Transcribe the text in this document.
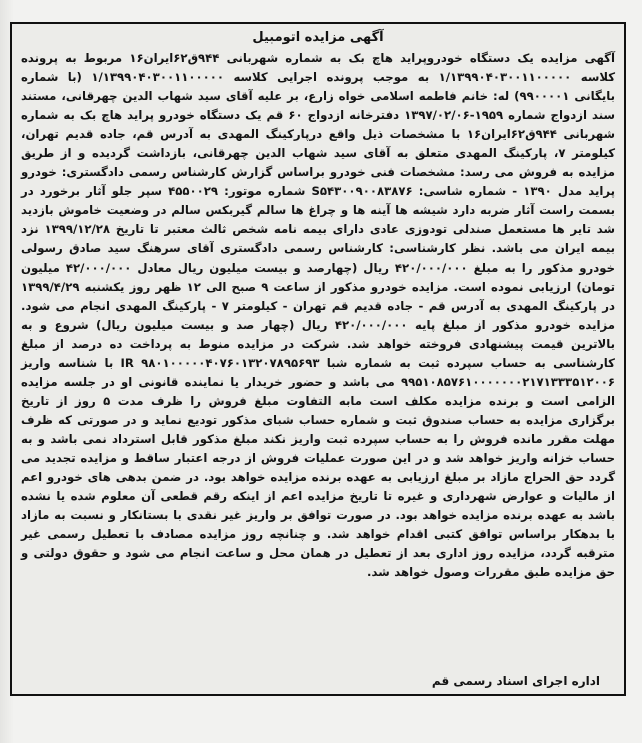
آگهی مزایده اتومبیل

آگهی مزایده یک دستگاه خودروپراید هاچ بک به شماره شهربانی ۹۴۴ق۶۲ایران۱۶ مربوط به پرونده کلاسه ۱/۱۳۹۹۰۴۰۳۰۰۱۱۰۰۰۰۰ به موجب پرونده اجرایی کلاسه ۱/۱۳۹۹۰۴۰۳۰۰۱۱۰۰۰۰۰ (با شماره بایگانی ۹۹۰۰۰۰۱) له: خانم فاطمه اسلامی خواه زارع، بر علیه آقای سید شهاب الدین چهرقانی، مستند سند ازدواج شماره ۱۹۵۹-۱۳۹۷/۰۲/۰۶ دفترخانه ازدواج ۶۰ قم یک دستگاه خودرو پراید هاچ بک به شماره شهربانی ۹۴۴ق۶۲ایران۱۶ با مشخصات ذیل واقع درپارکینگ المهدی به آدرس قم، جاده قدیم تهران، کیلومتر ۷، پارکینگ المهدی متعلق به آقای سید شهاب الدین چهرقانی، بازداشت گردیده و از طریق مزایده به فروش می رسد: مشخصات فنی خودرو براساس گزارش کارشناس رسمی دادگستری: خودرو پراید مدل ۱۳۹۰ - شماره شاسی: S۵۴۳۰۰۹۰۰۸۳۸۷۶ شماره موتور: ۴۵۵۰۰۲۹ سپر جلو آثار برخورد در بسمت راست آثار ضربه دارد شیشه ها آینه ها و چراغ ها سالم گیربکس سالم در وضعیت خاموش بازدید شد تایر ها مستعمل صندلی تودوزی عادی دارای بیمه نامه شخص ثالث معتبر تا تاریخ ۱۳۹۹/۱۲/۲۸ نزد بیمه ایران می باشد. نظر کارشناسی: کارشناس رسمی دادگستری آقای سرهنگ سید صادق رسولی خودرو مذکور را به مبلغ ۴۲۰/۰۰۰/۰۰۰ ریال (چهارصد و بیست میلیون ریال معادل ۴۲/۰۰۰/۰۰۰ میلیون تومان) ارزیابی نموده است. مزایده خودرو مذکور از ساعت ۹ صبح الی ۱۲ ظهر روز یکشنبه ۱۳۹۹/۴/۲۹ در پارکینگ المهدی به آدرس قم - جاده قدیم قم تهران - کیلومتر ۷ - پارکینگ المهدی انجام می شود. مزایده خودرو مذکور از مبلغ پایه ۴۲۰/۰۰۰/۰۰۰ ریال (چهار صد و بیست میلیون ریال) شروع و به بالاترین قیمت پیشنهادی فروخته خواهد شد. شرکت در مزایده منوط به پرداخت ده درصد از مبلغ کارشناسی به حساب سپرده ثبت به شماره شبا IR ۹۸۰۱۰۰۰۰۰۴۰۷۶۰۱۳۲۰۷۸۹۵۶۹۳ با شناسه واریز ۹۹۵۱۰۸۵۷۶۱۰۰۰۰۰۰۰۲۱۷۱۳۳۳۵۱۲۰۰۶ می باشد و حضور خریدار یا نماینده قانونی او در جلسه مزایده الزامی است و برنده مزایده مکلف است مابه التفاوت مبلغ فروش را ظرف مدت ۵ روز از تاریخ برگزاری مزایده به حساب صندوق ثبت و شماره حساب شبای مذکور تودیع نماید و در صورتی که ظرف مهلت مقرر مانده فروش را به حساب سپرده ثبت واریز نکند مبلغ مذکور قابل استرداد نمی باشد و به حساب خزانه واریز خواهد شد و در این صورت عملیات فروش از درجه اعتبار ساقط و مزایده تجدید می گردد حق الحراج مازاد بر مبلغ ارزیابی به عهده برنده مزایده خواهد بود. در ضمن بدهی های خودرو اعم از مالیات و عوارض شهرداری و غیره تا تاریخ مزایده اعم از اینکه رقم قطعی آن معلوم شده یا نشده باشد به عهده برنده مزایده خواهد بود. در صورت توافق بر واریز غیر نقدی با بستانکار و نسبت به مازاد با بدهکار براساس توافق کتبی اقدام خواهد شد. و چنانچه روز مزایده مصادف با تعطیل رسمی غیر مترقبه گردد، مزایده روز اداری بعد از تعطیل در همان محل و ساعت انجام می شود و حقوق دولتی و حق مزایده طبق مقررات وصول خواهد شد.

اداره اجرای اسناد رسمی قم
